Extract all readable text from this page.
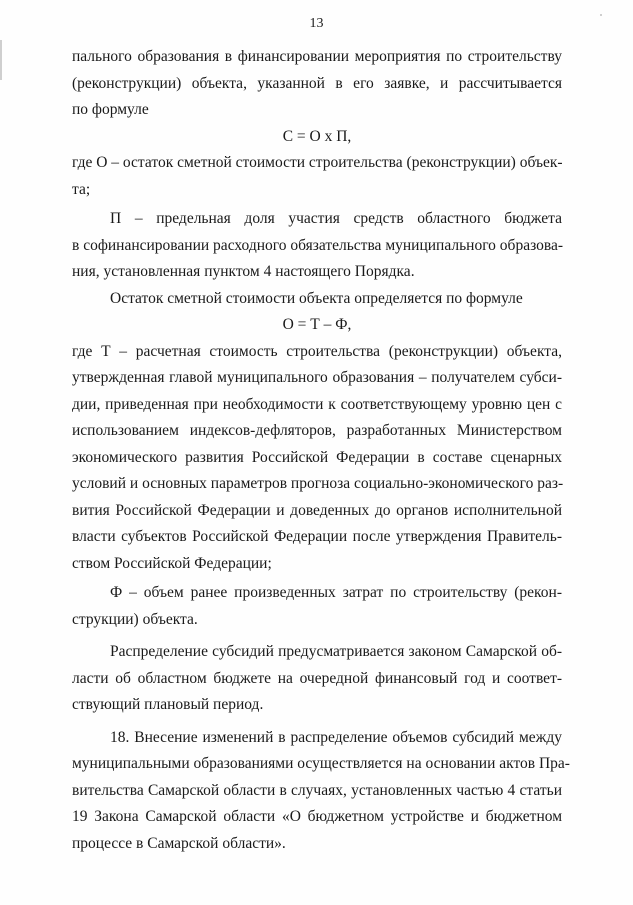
13
пального образования в финансировании мероприятия по строительству
(реконструкции) объекта, указанной в его заявке, и рассчитывается
по формуле
С = О х П,
где О – остаток сметной стоимости строительства (реконструкции) объек-
та;
П – предельная доля участия средств областного бюджета
в софинансировании расходного обязательства муниципального образова-
ния, установленная пунктом 4 настоящего Порядка.
Остаток сметной стоимости объекта определяется по формуле
О = Т – Ф,
где Т – расчетная стоимость строительства (реконструкции) объекта,
утвержденная главой муниципального образования – получателем субси-
дии, приведенная при необходимости к соответствующему уровню цен с
использованием индексов-дефляторов, разработанных Министерством
экономического развития Российской Федерации в составе сценарных
условий и основных параметров прогноза социально-экономического раз-
вития Российской Федерации и доведенных до органов исполнительной
власти субъектов Российской Федерации после утверждения Правитель-
ством Российской Федерации;
Ф – объем ранее произведенных затрат по строительству (рекон-
струкции) объекта.
Распределение субсидий предусматривается законом Самарской об-
ласти об областном бюджете на очередной финансовый год и соответ-
ствующий плановый период.
18. Внесение изменений в распределение объемов субсидий между
муниципальными образованиями осуществляется на основании актов Пра-
вительства Самарской области в случаях, установленных частью 4 статьи
19 Закона Самарской области «О бюджетном устройстве и бюджетном
процессе в Самарской области».
